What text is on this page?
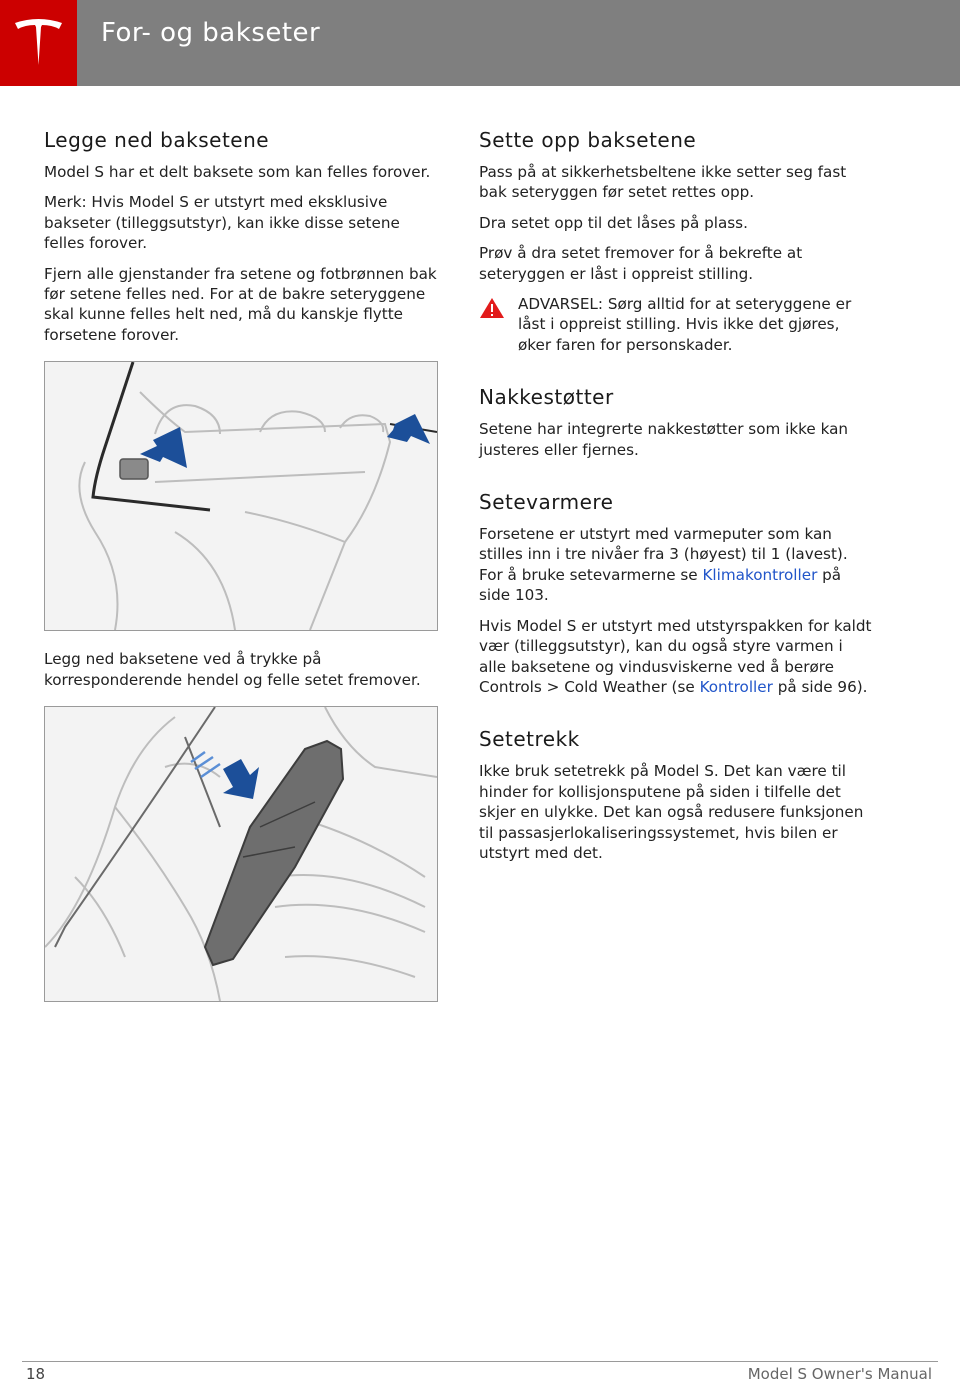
For- og bakseter
Legge ned baksetene

Model S har et delt baksete som kan felles forover.

Merk: Hvis Model S er utstyrt med eksklusive bakseter (tilleggsutstyr), kan ikke disse setene felles forover.

Fjern alle gjenstander fra setene og fotbrønnen bak før setene felles ned. For at de bakre seteryggene skal kunne felles helt ned, må du kanskje flytte forsetene forover.

Legg ned baksetene ved å trykke på korresponderende hendel og felle setet fremover.

Sette opp baksetene

Pass på at sikkerhetsbeltene ikke setter seg fast bak seteryggen før setet rettes opp.

Dra setet opp til det låses på plass.

Prøv å dra setet fremover for å bekrefte at seteryggen er låst i oppreist stilling.

ADVARSEL: Sørg alltid for at seteryggene er låst i oppreist stilling. Hvis ikke det gjøres, øker faren for personskader.

Nakkestøtter

Setene har integrerte nakkestøtter som ikke kan justeres eller fjernes.

Setevarmere

Forsetene er utstyrt med varmeputer som kan stilles inn i tre nivåer fra 3 (høyest) til 1 (lavest). For å bruke setevarmerne se Klimakontroller på side 103.

Hvis Model S er utstyrt med utstyrspakken for kaldt vær (tilleggsutstyr), kan du også styre varmen i alle baksetene og vindusviskerne ved å berøre Controls > Cold Weather (se Kontroller på side 96).

Setetrekk

Ikke bruk setetrekk på Model S. Det kan være til hinder for kollisjonsputene på siden i tilfelle det skjer en ulykke. Det kan også redusere funksjonen til passasjerlokaliseringssystemet, hvis bilen er utstyrt med det.

18	Model S Owner's Manual
